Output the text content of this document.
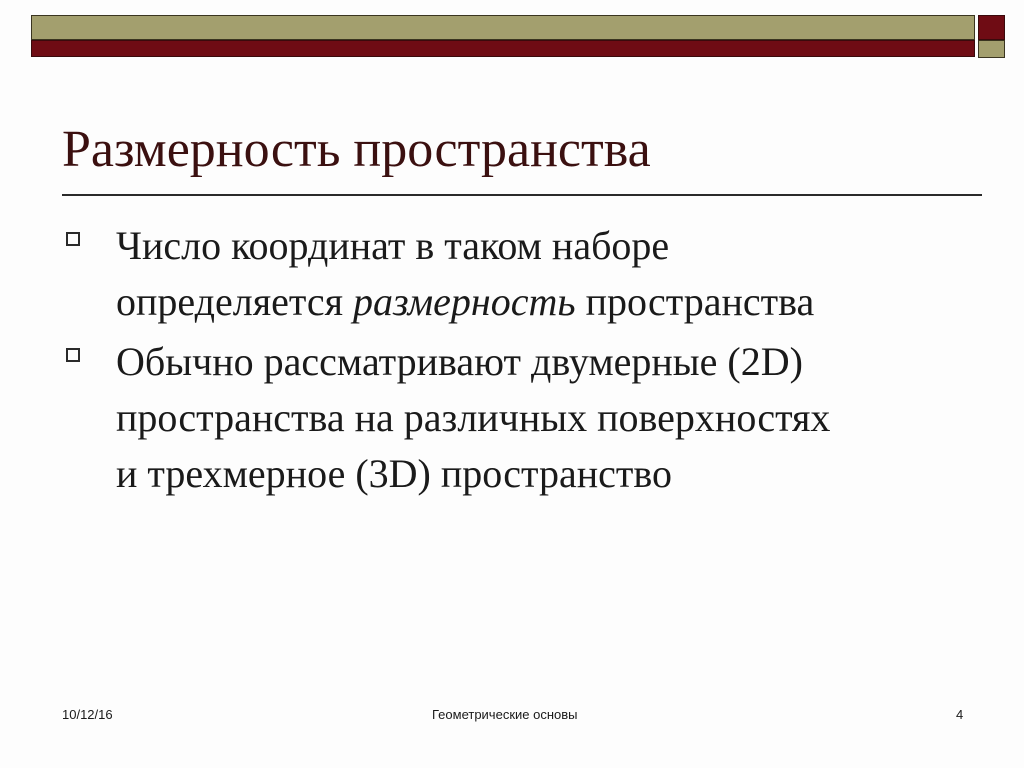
Размерность пространства
Число координат в таком наборе
определяется размерность пространства
Обычно рассматривают двумерные (2D)
пространства на различных поверхностях
и трехмерное (3D) пространство
10/12/16	Геометрические основы	4
